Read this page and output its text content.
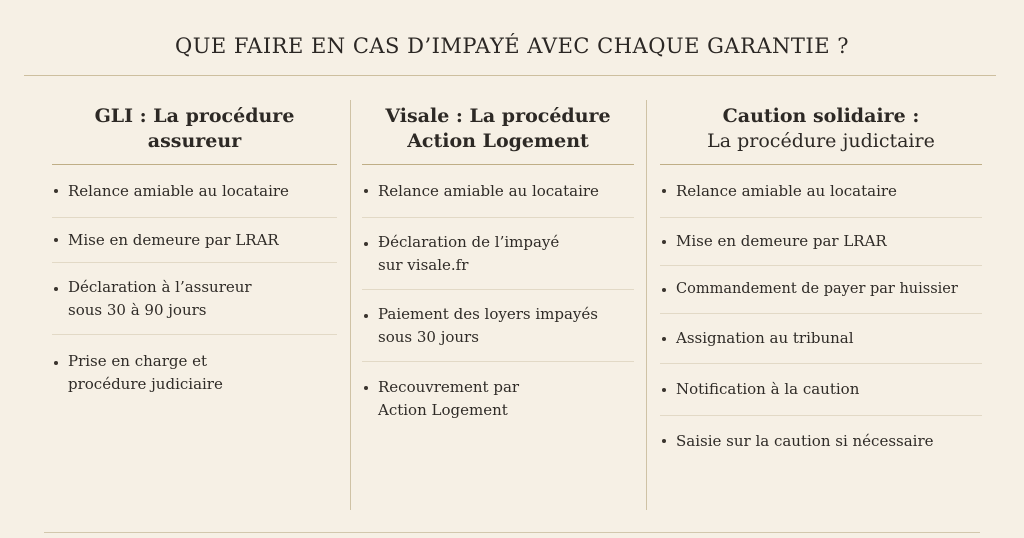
QUE FAIRE EN CAS D’IMPAYÉ AVEC CHAQUE GARANTIE ?
GLI : La procédure
assureur
Relance amiable au locataire
Mise en demeure par LRAR
Déclaration à l’assureur
sous 30 à 90 jours
Prise en charge et
procédure judiciaire
Visale : La procédure
Action Logement
Relance amiable au locataire
Ðéclaration de l’impayé
sur visale.fr
Paiement des loyers impayés
sous 30 jours
Recouvrement par
Action Logement
Caution solidaire :
La procédure judictaire
Relance amiable au locataire
Mise en demeure par LRAR
Commandement de payer par huissier
Assignation au tribunal
Notification à la caution
Saisie sur la caution si nécessaire
